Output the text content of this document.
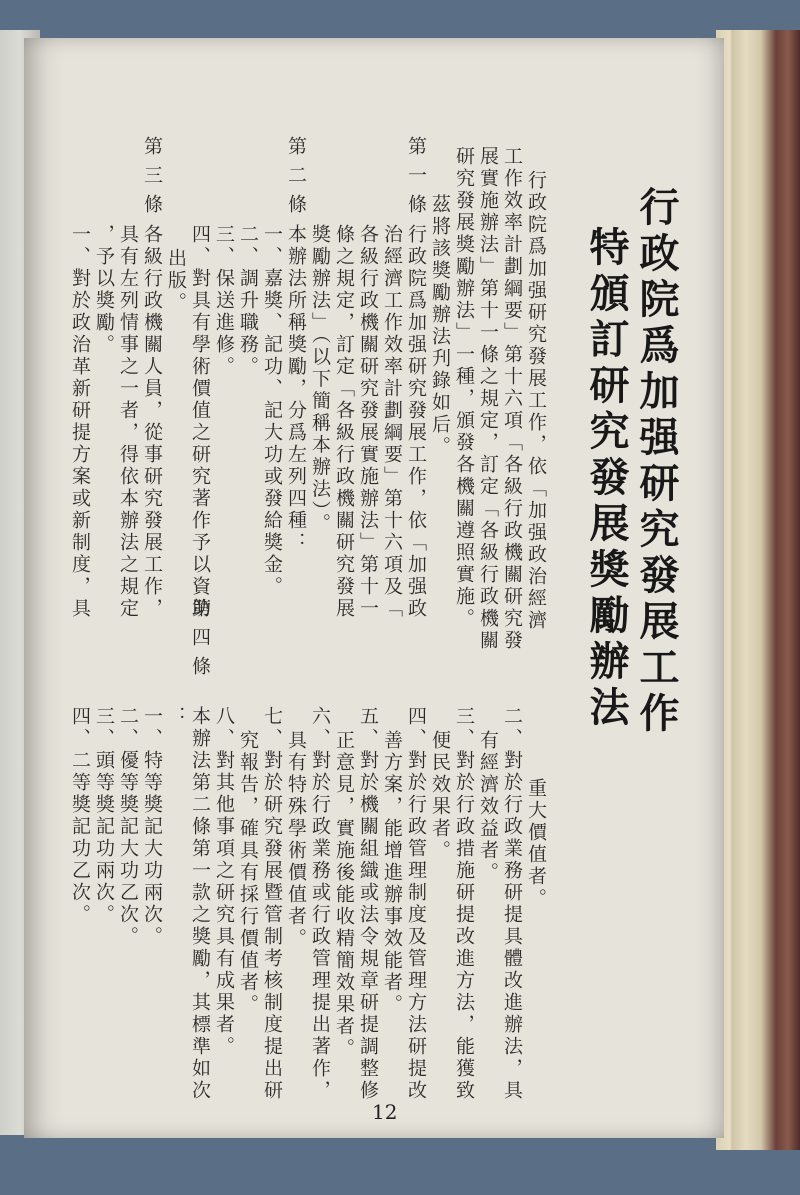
行政院爲加强研究發展工作
特頒訂研究發展獎勵辦法
行政院爲加强研究發展工作，依「加强政治經濟
工作效率計劃綱要」第十六項「各級行政機關研究發
展實施辦法」第十一條之規定，訂定「各級行政機關
研究發展獎勵辦法」一種，頒發各機關遵照實施。
茲將該獎勵辦法刋錄如后。
第一條
行政院爲加强研究發展工作，依「加强政
治經濟工作效率計劃綱要」第十六項及「
各級行政機關研究發展實施辦法」第十一
條之規定，訂定「各級行政機關研究發展
獎勵辦法」（以下簡稱本辦法）。
第二條
本辦法所稱獎勵，分爲左列四種：
一、嘉獎、記功、記大功或發給獎金。
二、調升職務。
三、保送進修。
四、對具有學術價值之研究著作予以資助
出版。
第三條
各級行政機關人員，從事研究發展工作，
具有左列情事之一者，得依本辦法之規定
，予以獎勵。
一、對於政治革新研提方案或新制度，具
重大價值者。
二、對於行政業務研提具體改進辦法，具
有經濟效益者。
三、對於行政措施研提改進方法，能獲致
便民效果者。
四、對於行政管理制度及管理方法研提改
善方案，能增進辦事效能者。
五、對於機關組織或法令規章研提調整修
正意見，實施後能收精簡效果者。
六、對於行政業務或行政管理提出著作，
具有特殊學術價值者。
七、對於研究發展暨管制考核制度提出研
究報告，確具有採行價值者。
八、對其他事項之研究具有成果者。
第四條
本辦法第二條第一款之獎勵，其標準如次
：
一、特等獎記大功兩次。
二、優等獎記大功乙次。
三、頭等獎記功兩次。
四、二等獎記功乙次。
12
